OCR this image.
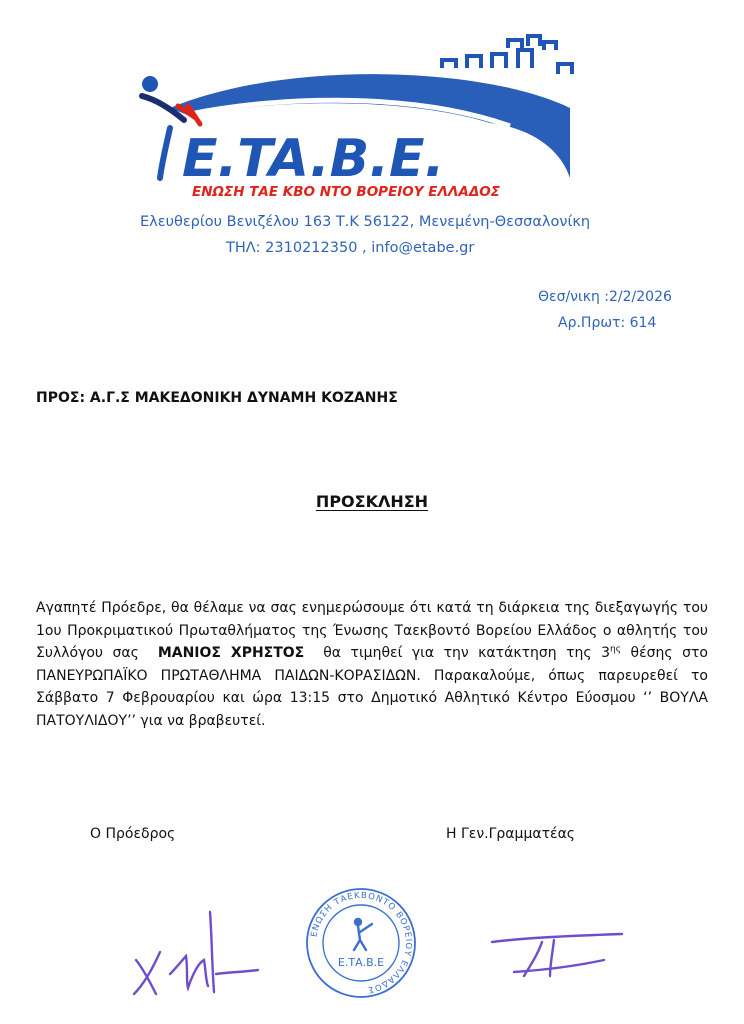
E.TA.B.E.
ΕΝΩΣΗ ΤΑΕ ΚΒΟ ΝΤΟ ΒΟΡΕΙΟΥ ΕΛΛΑΔΟΣ
Ελευθερίου Βενιζέλου 163 Τ.Κ 56122, Μενεμένη-Θεσσαλονίκη
ΤΗΛ: 2310212350 , info@etabe.gr
Θεσ/νικη :2/2/2026
Αρ.Πρωτ: 614
ΠΡΟΣ: Α.Γ.Σ ΜΑΚΕΔΟΝΙΚΗ ΔΥΝΑΜΗ ΚΟΖΑΝΗΣ
ΠΡΟΣΚΛΗΣΗ
Αγαπητέ Πρόεδρε, θα θέλαμε να σας ενημερώσουμε ότι κατά τη διάρκεια της διεξαγωγής του 1ου Προκριματικού Πρωταθλήματος της Ένωσης Ταεκβοντό Βορείου Ελλάδος ο αθλητής του Συλλόγου σας ΜΑΝΙΟΣ ΧΡΗΣΤΟΣ θα τιμηθεί για την κατάκτηση της $3^{\eta\varsigma}$ θέσης στο ΠΑΝΕΥΡΩΠΑΪΚΟ ΠΡΩΤΑΘΛΗΜΑ ΠΑΙΔΩΝ-ΚΟΡΑΣΙΔΩΝ. Παρακαλούμε, όπως παρευρεθεί το Σάββατο 7 Φεβρουαρίου και ώρα 13:15 στο Δημοτικό Αθλητικό Κέντρο Εύοσμου ‘’ ΒΟΥΛΑ ΠΑΤΟΥΛΙΔΟΥ’’ για να βραβευτεί.
Ο Πρόεδρος	Η Γεν.Γραμματέας
ΕΝΩΣΗ ΤΑΕΚΒΟΝΤΟ ΒΟΡΕΙΟΥ ΕΛΛΑΔΟΣ
Ε.ΤΑ.Β.Ε
